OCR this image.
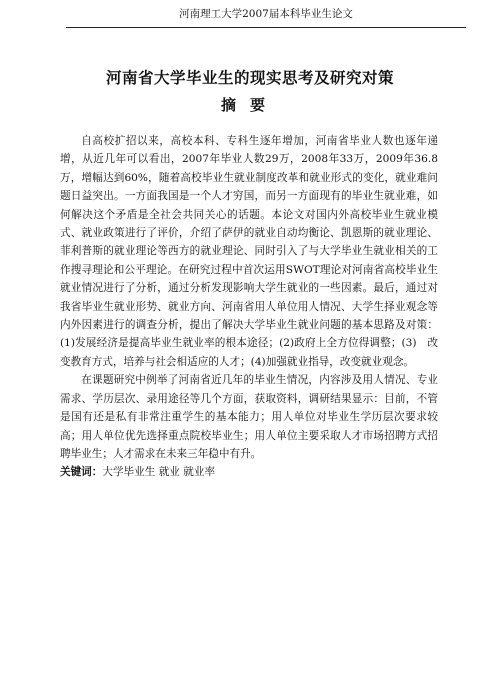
河南理工大学2007届本科毕业生论文
河南省大学毕业生的现实思考及研究对策
摘要

自高校扩招以来，高校本科、专科生逐年增加，河南省毕业人数也逐年递增，从近几年可以看出，2007年毕业人数29万，2008年33万，2009年36.8万，增幅达到60%，随着高校毕业生就业制度改革和就业形式的变化，就业难问题日益突出。一方面我国是一个人才穷国，而另一方面现有的毕业生就业难，如何解决这个矛盾是全社会共同关心的话题。本论文对国内外高校毕业生就业模式、就业政策进行了评价，介绍了萨伊的就业自动均衡论、凯恩斯的就业理论、菲利普斯的就业理论等西方的就业理论、同时引入了与大学毕业生就业相关的工作搜寻理论和公平理论。在研究过程中首次运用SWOT理论对河南省高校毕业生就业情况进行了分析，通过分析发现影响大学生就业的一些因素。最后，通过对我省毕业生就业形势、就业方向、河南省用人单位用人情况、大学生择业观念等内外因素进行的调查分析，提出了解决大学毕业生就业问题的基本思路及对策：(1)发展经济是提高毕业生就业率的根本途径；(2)政府上全方位得调整；(3)　改变教育方式，培养与社会相适应的人才；(4)加强就业指导，改变就业观念。

在课题研究中例举了河南省近几年的毕业生情况，内容涉及用人情况、专业需求、学历层次、录用途径等几个方面，获取资料，调研结果显示：目前，不管是国有还是私有非常注重学生的基本能力；用人单位对毕业生学历层次要求较高；用人单位优先选择重点院校毕业生；用人单位主要采取人才市场招聘方式招聘毕业生；人才需求在未来三年稳中有升。

关键词：大学毕业生 就业 就业率
